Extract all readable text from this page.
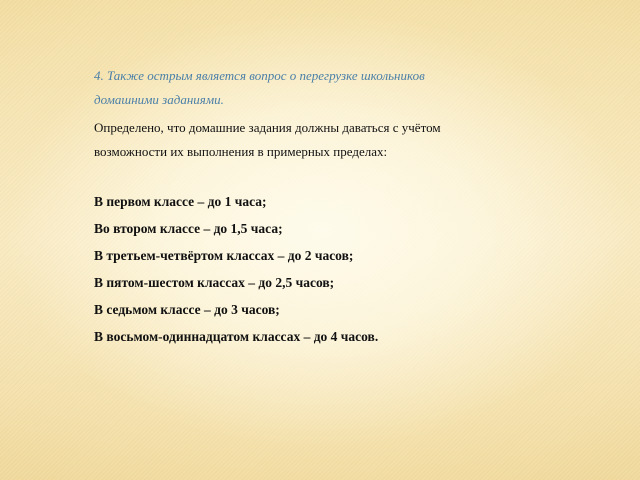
4. Также острым является вопрос о перегрузке школьников
домашними заданиями.

Определено, что домашние задания должны даваться с учётом
возможности их выполнения в примерных пределах:

В первом классе – до 1 часа;
Во втором классе – до 1,5 часа;
В третьем-четвёртом классах – до 2 часов;
В пятом-шестом классах – до 2,5 часов;
В седьмом классе – до 3 часов;
В восьмом-одиннадцатом классах – до 4 часов.
